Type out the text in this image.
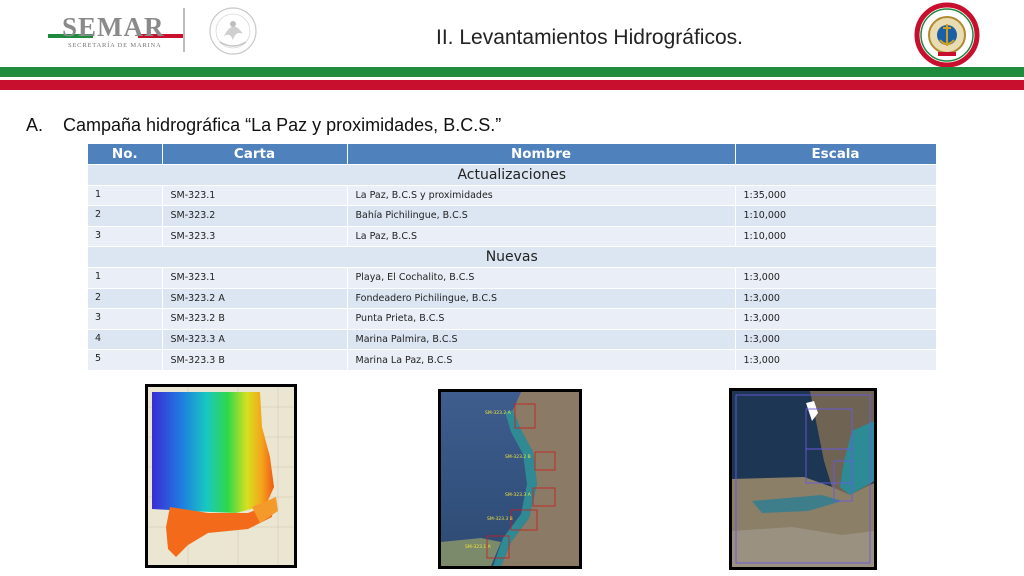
SEMAR
SECRETARÍA DE MARINA	II. Levantamientos Hidrográficos.
A. Campaña hidrográfica “La Paz y proximidades, B.C.S.”
No.	Carta	Nombre	Escala
Actualizaciones			
1	SM-323.1	La Paz, B.C.S y proximidades	1:35,000
2	SM-323.2	Bahía Pichilingue, B.C.S	1:10,000
3	SM-323.3	La Paz, B.C.S	1:10,000
Nuevas			
1	SM-323.1	Playa, El Cochalito, B.C.S	1:3,000
2	SM-323.2 A	Fondeadero Pichilingue, B.C.S	1:3,000
3	SM-323.2 B	Punta Prieta, B.C.S	1:3,000
4	SM-323.3 A	Marina Palmira, B.C.S	1:3,000
5	SM-323.3 B	Marina La Paz, B.C.S	1:3,000
SM-323.2 A
SM-323.2 B
SM-323.3 A
SM-323.3 B
SM-323.1 A
